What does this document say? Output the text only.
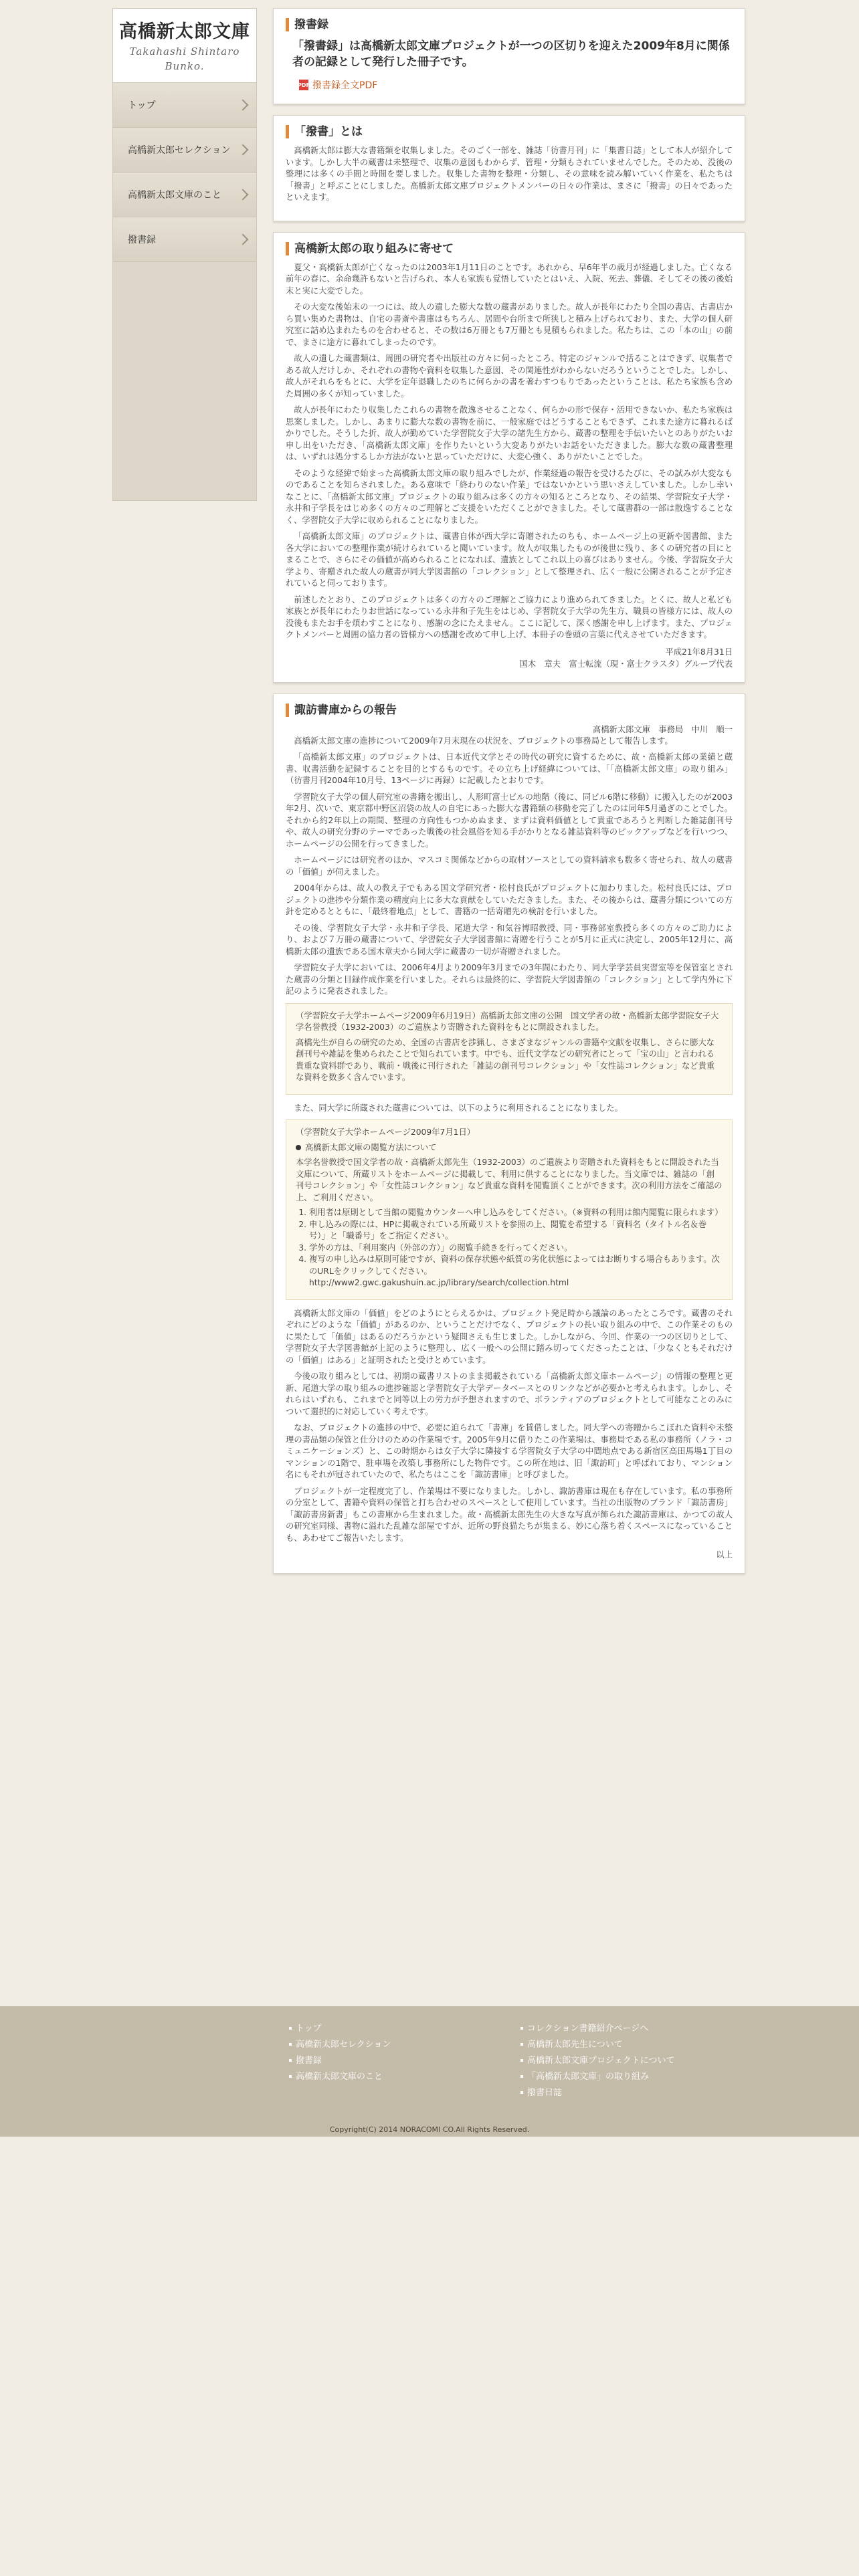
高橋新太郎文庫
Takahashi Shintaro
Bunko.
トップ
高橋新太郎セレクション
高橋新太郎文庫のこと
撥書録
撥書録
「撥書録」は高橋新太郎文庫プロジェクトが一つの区切りを迎えた2009年8月に関係者の記録として発行した冊子です。
PDF 撥書録全文PDF
「撥書」とは

高橋新太郎は膨大な書籍類を収集しました。そのごく一部を、雑誌「彷書月刊」に「集書日誌」として本人が紹介しています。しかし大半の蔵書は未整理で、収集の意図もわからず、管理・分類もされていませんでした。そのため、没後の整理には多くの手間と時間を要しました。収集した書物を整理・分類し、その意味を読み解いていく作業を、私たちは「撥書」と呼ぶことにしました。高橋新太郎文庫プロジェクトメンバーの日々の作業は、まさに「撥書」の日々であったといえます。

高橋新太郎の取り組みに寄せて

夏父・高橋新太郎が亡くなったのは2003年1月11日のことです。あれから、早6年半の歳月が経過しました。亡くなる前年の春に、余命幾許もないと告げられ、本人も家族も覚悟していたとはいえ、入院、死去、葬儀、そしてその後の後始末と実に大変でした。

その大変な後始末の一つには、故人の遺した膨大な数の蔵書がありました。故人が長年にわたり全国の書店、古書店から買い集めた書物は、自宅の書斎や書庫はもちろん、居間や台所まで所狭しと積み上げられており、また、大学の個人研究室に詰め込まれたものを合わせると、その数は6万冊とも7万冊とも見積もられました。私たちは、この「本の山」の前で、まさに途方に暮れてしまったのです。

故人の遺した蔵書類は、周囲の研究者や出版社の方々に伺ったところ、特定のジャンルで括ることはできず、収集者である故人だけしか、それぞれの書物や資料を収集した意図、その関連性がわからないだろうということでした。しかし、故人がそれらをもとに、大学を定年退職したのちに何らかの書を著わすつもりであったということは、私たち家族も含めた周囲の多くが知っていました。

故人が長年にわたり収集したこれらの書物を散逸させることなく、何らかの形で保存・活用できないか、私たち家族は思案しました。しかし、あまりに膨大な数の書物を前に、一般家庭ではどうすることもできず、これまた途方に暮れるばかりでした。そうした折、故人が勤めていた学習院女子大学の諸先生方から、蔵書の整理を手伝いたいとのありがたいお申し出をいただき、「高橋新太郎文庫」を作りたいという大変ありがたいお話をいただきました。膨大な数の蔵書整理は、いずれは処分するしか方法がないと思っていただけに、大変心強く、ありがたいことでした。

そのような経緯で始まった高橋新太郎文庫の取り組みでしたが、作業経過の報告を受けるたびに、その試みが大変なものであることを知らされました。ある意味で「終わりのない作業」ではないかという思いさえしていました。しかし幸いなことに、「高橋新太郎文庫」プロジェクトの取り組みは多くの方々の知るところとなり、その結果、学習院女子大学・永井和子学長をはじめ多くの方々のご理解とご支援をいただくことができました。そして蔵書群の一部は散逸することなく、学習院女子大学に収められることになりました。

「高橋新太郎文庫」のプロジェクトは、蔵書自体が西大学に寄贈されたのちも、ホームページ上の更新や図書館、また各大学においての整理作業が続けられていると聞いています。故人が収集したものが後世に残り、多くの研究者の目にとまることで、さらにその価値が高められることになれば、遺族としてこれ以上の喜びはありません。今後、学習院女子大学より、寄贈された故人の蔵書が同大学図書館の「コレクション」として整理され、広く一般に公開されることが予定されていると伺っております。

前述したとおり、このプロジェクトは多くの方々のご理解とご協力により進められてきました。とくに、故人と私ども家族とが長年にわたりお世話になっている永井和子先生をはじめ、学習院女子大学の先生方、職員の皆様方には、故人の没後もまたお手を煩わすことになり、感謝の念にたえません。ここに記して、深く感謝を申し上げます。また、プロジェクトメンバーと周囲の協力者の皆様方への感謝を改めて申し上げ、本冊子の巻頭の言葉に代えさせていただきます。

平成21年8月31日

国木　章夫　富士転流（現・富士クラスタ）グループ代表

諏訪書庫からの報告

高橋新太郎文庫　事務局　中川　順一

高橋新太郎文庫の進捗について2009年7月末現在の状況を、プロジェクトの事務局として報告します。

「高橋新太郎文庫」のプロジェクトは、日本近代文学とその時代の研究に資するために、故・高橋新太郎の業績と蔵書、収書活動を記録することを目的とするものです。その立ち上げ経緯については、「「高橋新太郎文庫」の取り組み」（彷書月刊2004年10月号、13ページに再録）に記載したとおりです。

学習院女子大学の個人研究室の書籍を搬出し、人形町富士ビルの地階（後に、同ビル6階に移動）に搬入したのが2003年2月、次いで、東京都中野区沼袋の故人の自宅にあった膨大な書籍類の移動を完了したのは同年5月過ぎのことでした。それから約2年以上の期間、整理の方向性もつかめぬまま、まずは資料価値として貴重であろうと判断した雑誌創刊号や、故人の研究分野のテーマであった戦後の社会風俗を知る手がかりとなる雑誌資料等のピックアップなどを行いつつ、ホームページの公開を行ってきました。

ホームページには研究者のほか、マスコミ関係などからの取材ソースとしての資料請求も数多く寄せられ、故人の蔵書の「価値」が伺えました。

2004年からは、故人の教え子でもある国文学研究者・松村良氏がプロジェクトに加わりました。松村良氏には、プロジェクトの進捗や分類作業の精度向上に多大な貢献をしていただきました。また、その後からは、蔵書分類についての方針を定めるとともに、「最終着地点」として、書籍の一括寄贈先の検討を行いました。

その後、学習院女子大学・永井和子学長、尾道大学・和気谷博昭教授、同・事務部室教授ら多くの方々のご助力により、および７万冊の蔵書について、学習院女子大学図書館に寄贈を行うことが5月に正式に決定し、2005年12月に、高橋新太郎の遺族である国木章夫から同大学に蔵書の一切が寄贈されました。

学習院女子大学においては、2006年4月より2009年3月までの3年間にわたり、同大学学芸員実習室等を保管室とされた蔵書の分類と目録作成作業を行いました。それらは最終的に、学習院大学図書館の「コレクション」として学内外に下記のように発表されました。

（学習院女子大学ホームページ2009年6月19日）高橋新太郎文庫の公開　国文学者の故・高橋新太郎学習院女子大学名誉教授（1932-2003）のご遺族より寄贈された資料をもとに開設されました。

高橋先生が自らの研究のため、全国の古書店を渉猟し、さまざまなジャンルの書籍や文献を収集し、さらに膨大な創刊号や雑誌を集められたことで知られています。中でも、近代文学などの研究者にとって「宝の山」と言われる貴重な資料群であり、戦前・戦後に刊行された「雑誌の創刊号コレクション」や「女性誌コレクション」など貴重な資料を数多く含んでいます。

また、同大学に所蔵された蔵書については、以下のように利用されることになりました。

（学習院女子大学ホームページ2009年7月1日）

高橋新太郎文庫の閲覧方法について

本学名誉教授で国文学者の故・高橋新太郎先生（1932-2003）のご遺族より寄贈された資料をもとに開設された当文庫について、所蔵リストをホームページに掲載して、利用に供することになりました。当文庫では、雑誌の「創刊号コレクション」や「女性誌コレクション」など貴重な資料を閲覧頂くことができます。次の利用方法をご確認の上、ご利用ください。

1. 利用者は原則として当館の閲覧カウンターへ申し込みをしてください。（※資料の利用は館内閲覧に限られます）
2. 申し込みの際には、HPに掲載されている所蔵リストを参照の上、閲覧を希望する「資料名（タイトル名＆巻号）」と「職番号」をご指定ください。
3. 学外の方は、「利用案内（外部の方）」の閲覧手続きを行ってください。
4. 複写の申し込みは原則可能ですが、資料の保存状態や紙質の劣化状態によってはお断りする場合もあります。次のURLをクリックしてください。

http://www2.gwc.gakushuin.ac.jp/library/search/collection.html

高橋新太郎文庫の「価値」をどのようにとらえるかは、プロジェクト発足時から議論のあったところです。蔵書のそれぞれにどのような「価値」があるのか、ということだけでなく、プロジェクトの長い取り組みの中で、この作業そのものに果たして「価値」はあるのだろうかという疑問さえも生じました。しかしながら、今回、作業の一つの区切りとして、学習院女子大学図書館が上記のように整理し、広く一般への公開に踏み切ってくださったことは、「少なくともそれだけの「価値」はある」と証明されたと受けとめています。

今後の取り組みとしては、初期の蔵書リストのまま掲載されている「高橋新太郎文庫ホームページ」の情報の整理と更新、尾道大学の取り組みの進捗確認と学習院女子大学データベースとのリンクなどが必要かと考えられます。しかし、それらはいずれも、これまでと同等以上の労力が予想されますので、ボランティアのプロジェクトとして可能なことのみについて選択的に対応していく考えです。

なお、プロジェクトの進捗の中で、必要に迫られて「書庫」を賃借しました。同大学への寄贈からこぼれた資料や未整理の書品類の保管と仕分けのための作業場です。2005年9月に借りたこの作業場は、事務局である私の事務所（ノラ・コミュニケーションズ）と、この時期からは女子大学に隣接する学習院女子大学の中間地点である新宿区高田馬場1丁目のマンションの1階で、駐車場を改築し事務所にした物件です。この所在地は、旧「諏訪町」と呼ばれており、マンション名にもそれが冠されていたので、私たちはここを「諏訪書庫」と呼びました。

プロジェクトが一定程度完了し、作業場は不要になりました。しかし、諏訪書庫は現在も存在しています。私の事務所の分室として、書籍や資料の保管と打ち合わせのスペースとして使用しています。当社の出版物のブランド「諏訪書房」「諏訪書房新書」もこの書庫から生まれました。故・高橋新太郎先生の大きな写真が飾られた諏訪書庫は、かつての故人の研究室同様、書物に溢れた乱雑な部屋ですが、近所の野良猫たちが集まる、妙に心落ち着くスペースになっていることも、あわせてご報告いたします。

以上

トップ
高橋新太郎セレクション
撥書録
高橋新太郎文庫のこと
コレクション書籍紹介ページへ
高橋新太郎先生について
高橋新太郎文庫プロジェクトについて
「高橋新太郎文庫」の取り組み
撥書日誌
Copyright(C) 2014 NORACOMI CO.All Rights Reserved.
